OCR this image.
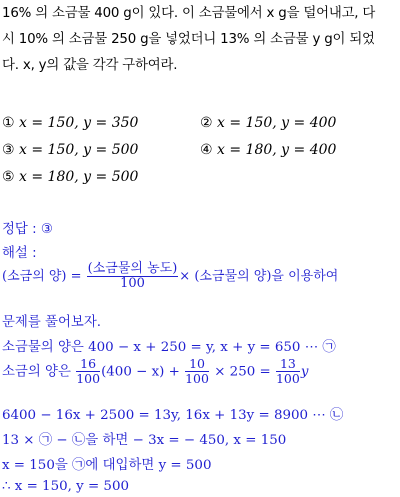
16% 의 소금물 400 g이 있다. 이 소금물에서 x g을 덜어내고, 다
시 10% 의 소금물 250 g을 넣었더니 13% 의 소금물 y g이 되었
다. x, y의 값을 각각 구하여라.
① x = 150, y = 350	② x = 150, y = 400
③ x = 150, y = 500	④ x = 180, y = 400
⑤ x = 180, y = 500
정답 : ③
해설 :
(소금의 양) = $\frac{\text{(소금물의 농도)}}{100}$ × (소금물의 양)을 이용하여
문제를 풀어보자.
소금물의 양은 400 − x + 250 = y, x + y = 650 ⋯ ㉠
소금의 양은 $\frac{16}{100} (400 - x) + \frac{10}{100} \times 250 = \frac{13}{100}$ y
6400 − 16x + 2500 = 13y, 16x + 13y = 8900 ⋯ ㉡
13 × ㉠ − ㉡을 하면 − 3x = − 450, x = 150
x = 150을 ㉠에 대입하면 y = 500
∴ x = 150, y = 500
